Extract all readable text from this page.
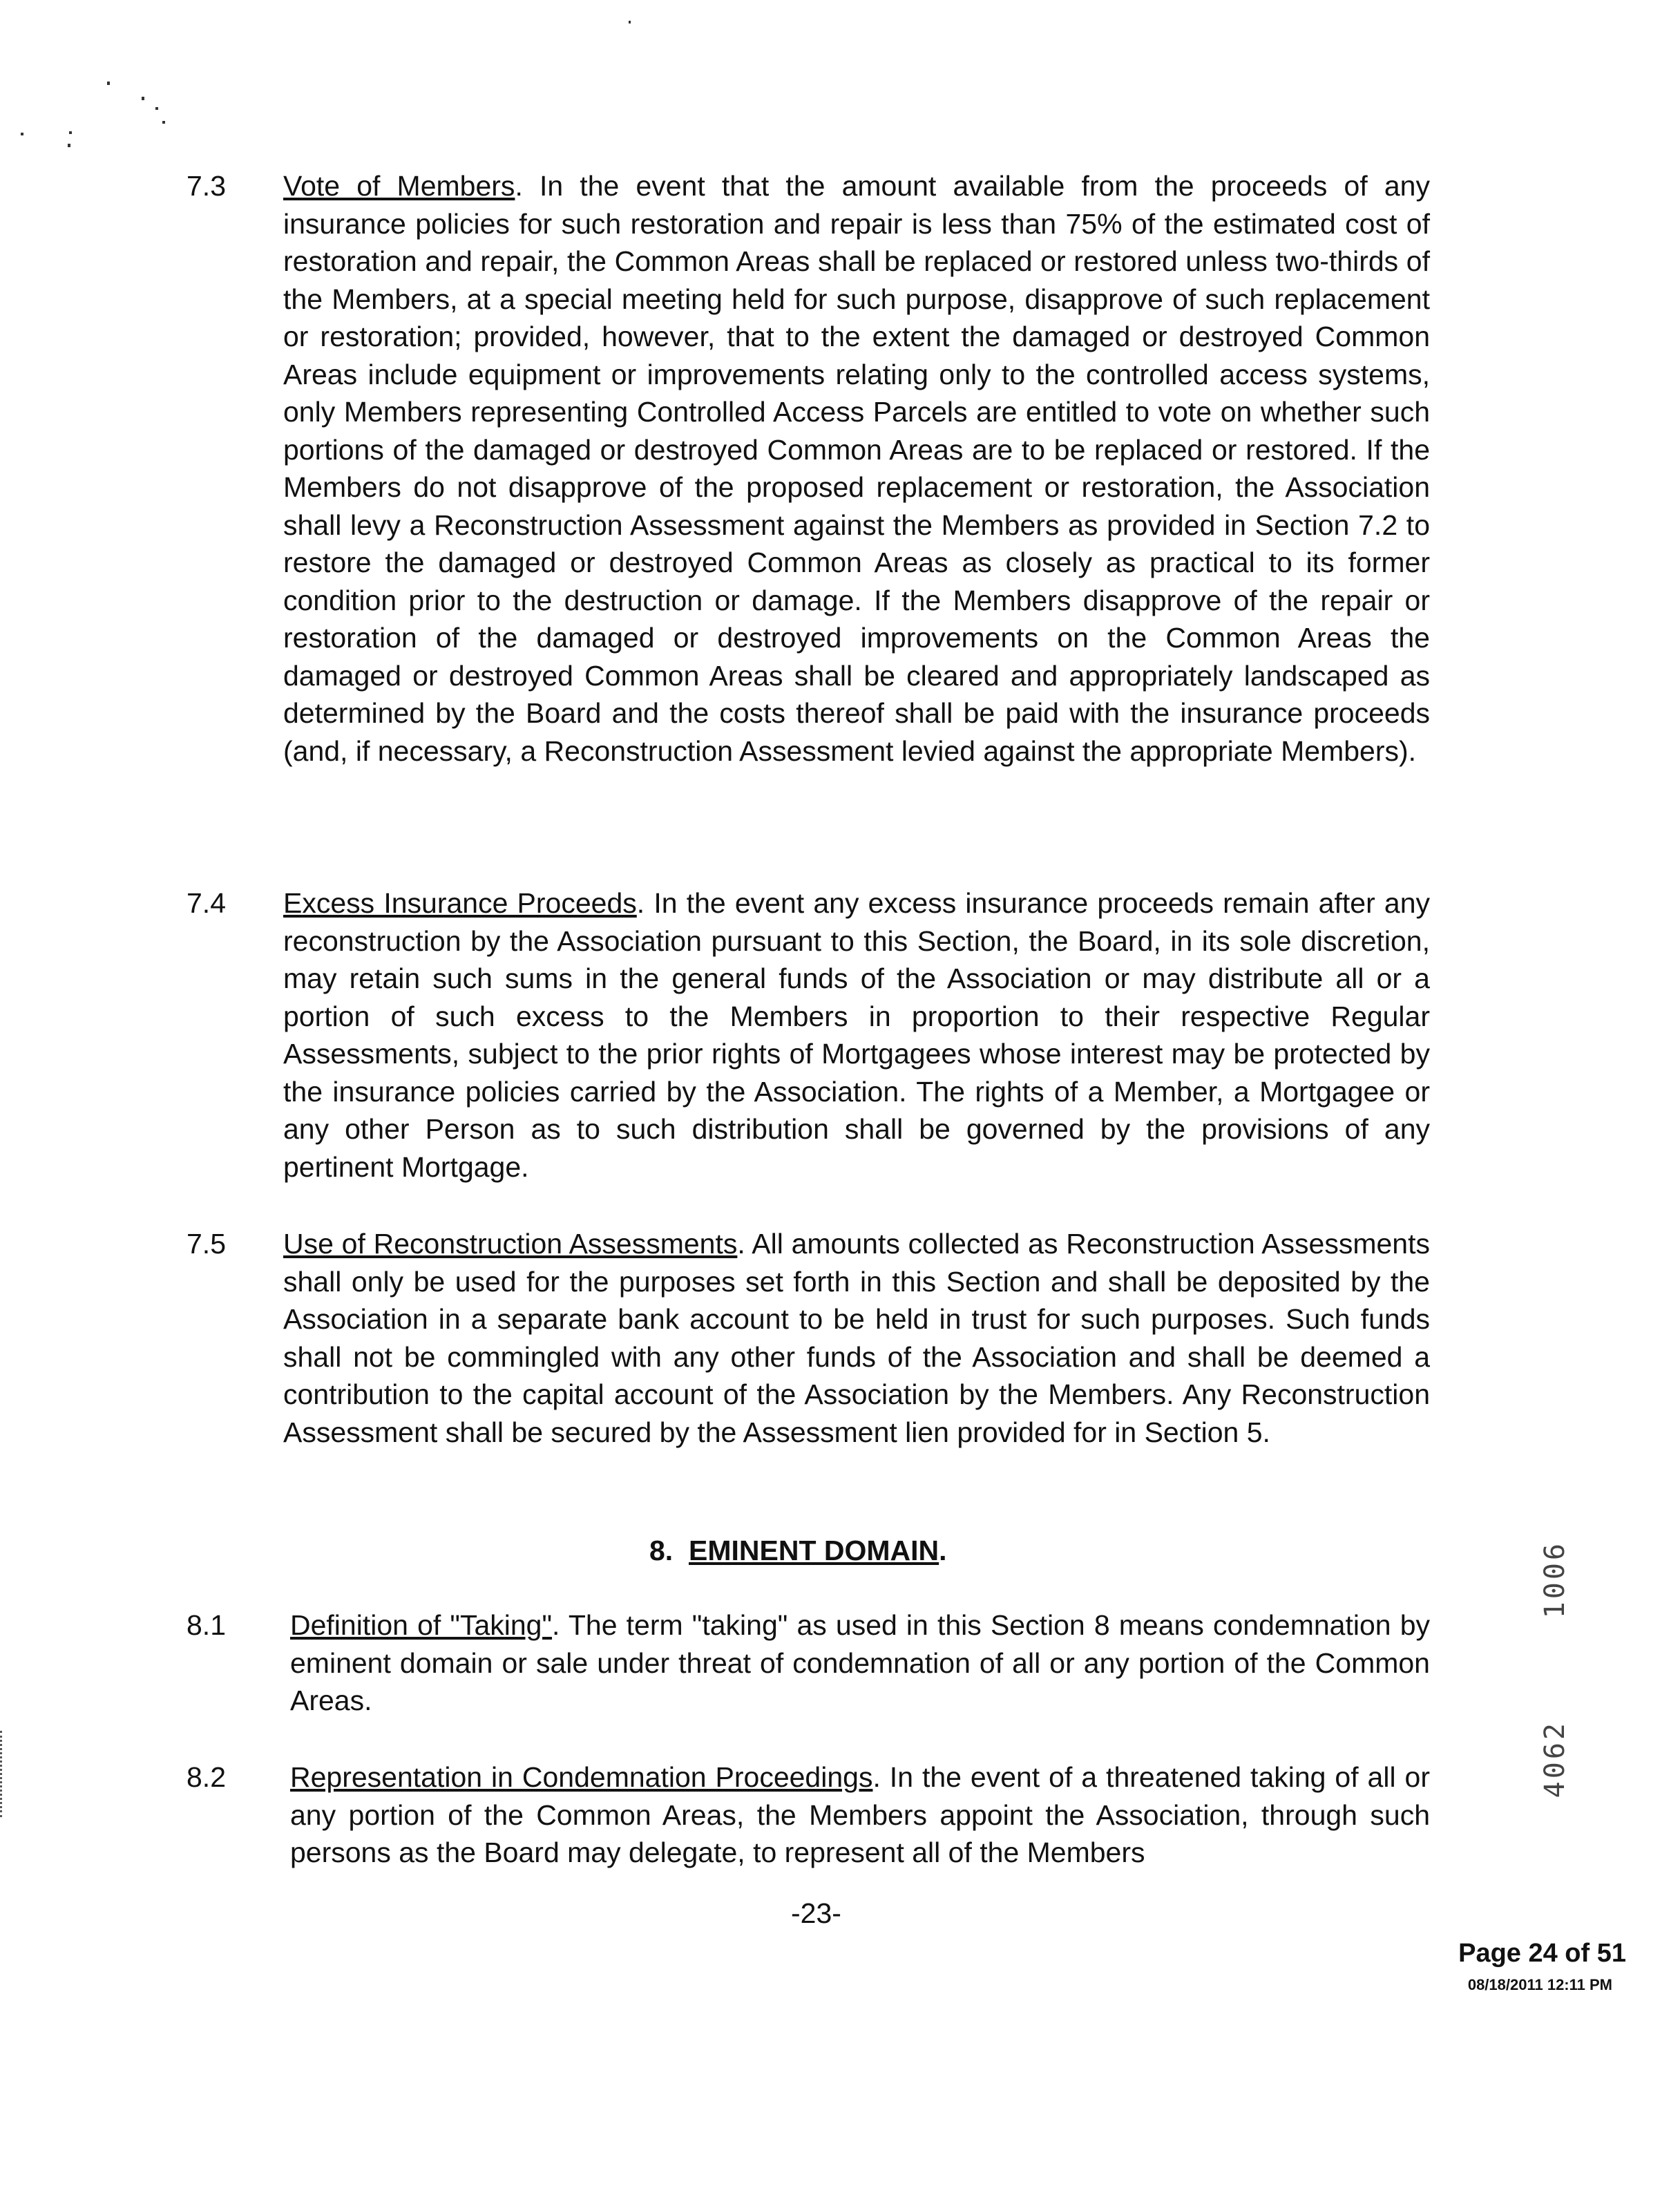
7.3 Vote of Members. In the event that the amount available from the proceeds of any insurance policies for such restoration and repair is less than 75% of the estimated cost of restoration and repair, the Common Areas shall be replaced or restored unless two-thirds of the Members, at a special meeting held for such purpose, disapprove of such replacement or restoration; provided, however, that to the extent the damaged or destroyed Common Areas include equipment or improvements relating only to the controlled access systems, only Members representing Controlled Access Parcels are entitled to vote on whether such portions of the damaged or destroyed Common Areas are to be replaced or restored. If the Members do not disapprove of the proposed replacement or restoration, the Association shall levy a Reconstruction Assessment against the Members as provided in Section 7.2 to restore the damaged or destroyed Common Areas as closely as practical to its former condition prior to the destruction or damage. If the Members disapprove of the repair or restoration of the damaged or destroyed improvements on the Common Areas the damaged or destroyed Common Areas shall be cleared and appropriately landscaped as determined by the Board and the costs thereof shall be paid with the insurance proceeds (and, if necessary, a Reconstruction Assessment levied against the appropriate Members).
7.4 Excess Insurance Proceeds. In the event any excess insurance proceeds remain after any reconstruction by the Association pursuant to this Section, the Board, in its sole discretion, may retain such sums in the general funds of the Association or may distribute all or a portion of such excess to the Members in proportion to their respective Regular Assessments, subject to the prior rights of Mortgagees whose interest may be protected by the insurance policies carried by the Association. The rights of a Member, a Mortgagee or any other Person as to such distribution shall be governed by the provisions of any pertinent Mortgage.
7.5 Use of Reconstruction Assessments. All amounts collected as Reconstruction Assessments shall only be used for the purposes set forth in this Section and shall be deposited by the Association in a separate bank account to be held in trust for such purposes. Such funds shall not be commingled with any other funds of the Association and shall be deemed a contribution to the capital account of the Association by the Members. Any Reconstruction Assessment shall be secured by the Assessment lien provided for in Section 5.
8. EMINENT DOMAIN.
8.1 Definition of "Taking". The term "taking" as used in this Section 8 means condemnation by eminent domain or sale under threat of condemnation of all or any portion of the Common Areas.
8.2 Representation in Condemnation Proceedings. In the event of a threatened taking of all or any portion of the Common Areas, the Members appoint the Association, through such persons as the Board may delegate, to represent all of the Members
-23-
Page 24 of 51
08/18/2011 12:11 PM
1006
4062
